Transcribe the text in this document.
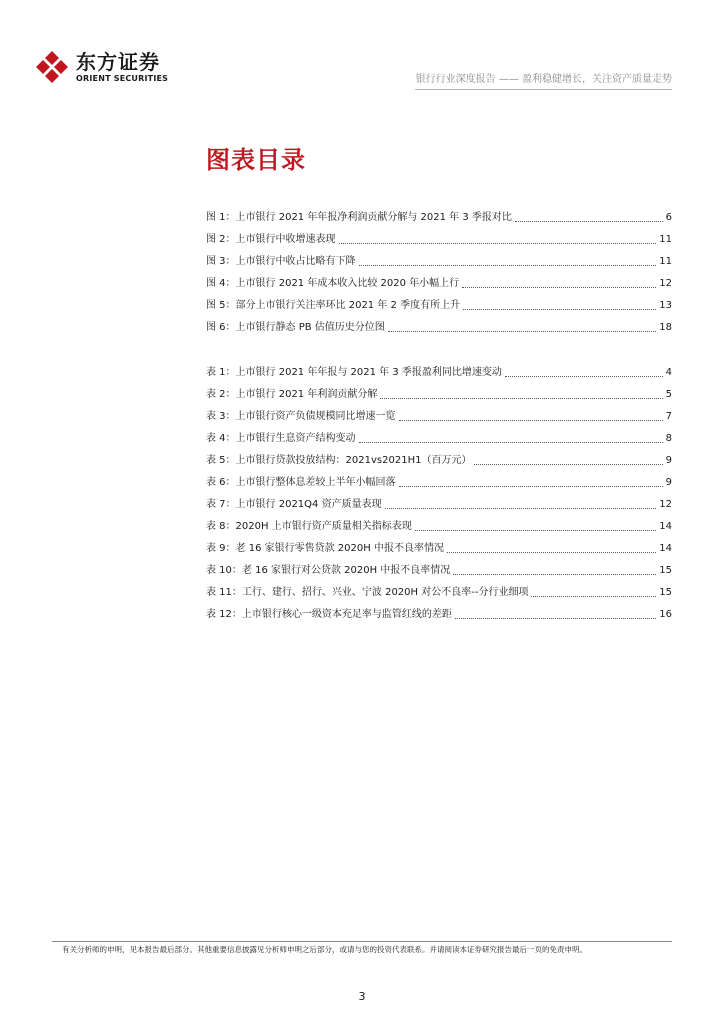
东方证券
ORIENT SECURITIES	银行行业深度报告 —— 盈利稳健增长，关注资产质量走势
图表目录
图 1：上市银行 2021 年年报净利润贡献分解与 2021 年 3 季报对比	6
图 2：上市银行中收增速表现	11
图 3：上市银行中收占比略有下降	11
图 4：上市银行 2021 年成本收入比较 2020 年小幅上行	12
图 5：部分上市银行关注率环比 2021 年 2 季度有所上升	13
图 6：上市银行静态 PB 估值历史分位图	18
表 1：上市银行 2021 年年报与 2021 年 3 季报盈利同比增速变动	4
表 2：上市银行 2021 年利润贡献分解	5
表 3：上市银行资产负债规模同比增速一览	7
表 4：上市银行生息资产结构变动	8
表 5：上市银行贷款投放结构：2021vs2021H1（百万元）	9
表 6：上市银行整体息差较上半年小幅回落	9
表 7：上市银行 2021Q4 资产质量表现	12
表 8：2020H 上市银行资产质量相关指标表现	14
表 9：老 16 家银行零售贷款 2020H 中报不良率情况	14
表 10：老 16 家银行对公贷款 2020H 中报不良率情况	15
表 11：工行、建行、招行、兴业、宁波 2020H 对公不良率--分行业细项	15
表 12：上市银行核心一级资本充足率与监管红线的差距	16
有关分析师的申明，见本报告最后部分。其他重要信息披露见分析师申明之后部分，或请与您的投资代表联系。并请阅读本证券研究报告最后一页的免责申明。
3
